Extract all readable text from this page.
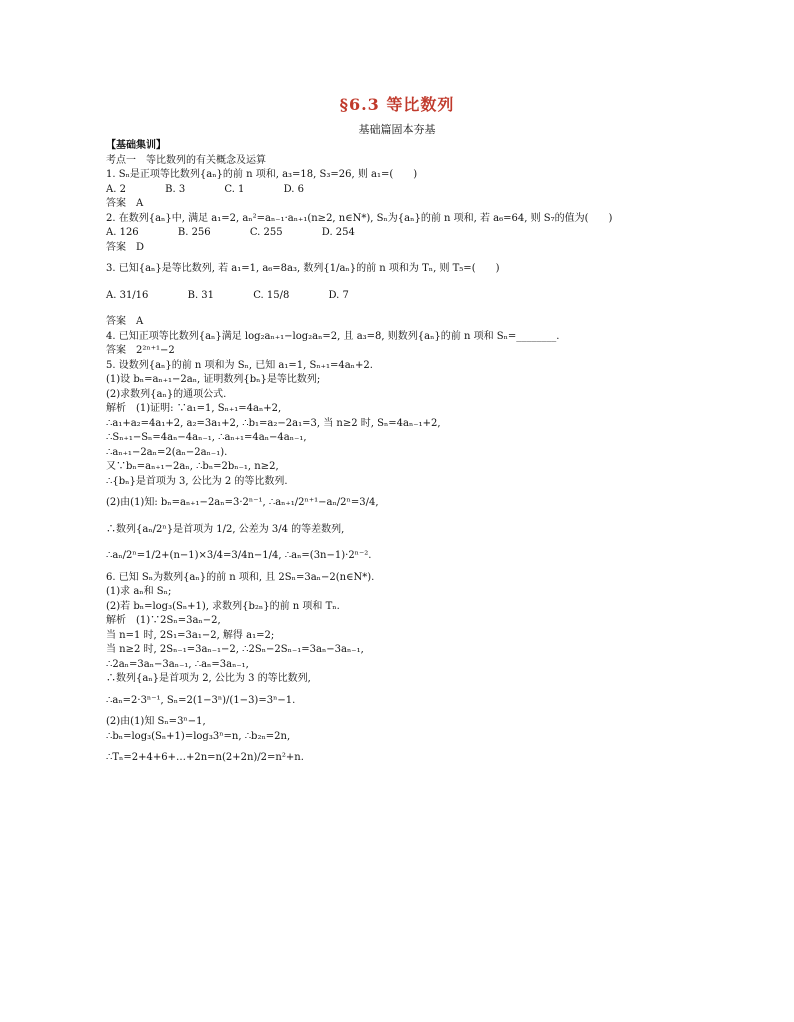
§6.3 等比数列
基础篇固本夯基
【基础集训】
考点一　等比数列的有关概念及运算
1. Sₙ是正项等比数列{aₙ}的前 n 项和, a₃=18, S₃=26, 则 a₁=(　　)
A. 2	B. 3	C. 1	D. 6
答案　A
2. 在数列{aₙ}中, 满足 a₁=2, aₙ²=aₙ₋₁·aₙ₊₁(n≥2, n∈N*), Sₙ为{aₙ}的前 n 项和, 若 a₆=64, 则 S₇的值为(　　)
A. 126	B. 256	C. 255	D. 254
答案　D
3. 已知{aₙ}是等比数列, 若 a₁=1, a₆=8a₃, 数列{1/aₙ}的前 n 项和为 Tₙ, 则 T₅=(　　)
A. 31/16	B. 31	C. 15/8	D. 7
答案　A
4. 已知正项等比数列{aₙ}满足 log₂aₙ₊₁−log₂aₙ=2, 且 a₃=8, 则数列{aₙ}的前 n 项和 Sₙ=________.
答案　2²ⁿ⁺¹−2
5. 设数列{aₙ}的前 n 项和为 Sₙ, 已知 a₁=1, Sₙ₊₁=4aₙ+2.
(1)设 bₙ=aₙ₊₁−2aₙ, 证明数列{bₙ}是等比数列;
(2)求数列{aₙ}的通项公式.
解析　(1)证明: ∵a₁=1, Sₙ₊₁=4aₙ+2,
∴a₁+a₂=4a₁+2, a₂=3a₁+2, ∴b₁=a₂−2a₁=3, 当 n≥2 时, Sₙ=4aₙ₋₁+2,
∴Sₙ₊₁−Sₙ=4aₙ−4aₙ₋₁, ∴aₙ₊₁=4aₙ−4aₙ₋₁,
∴aₙ₊₁−2aₙ=2(aₙ−2aₙ₋₁).
又∵bₙ=aₙ₊₁−2aₙ, ∴bₙ=2bₙ₋₁, n≥2,
∴{bₙ}是首项为 3, 公比为 2 的等比数列.
(2)由(1)知: bₙ=aₙ₊₁−2aₙ=3·2ⁿ⁻¹, ∴aₙ₊₁/2ⁿ⁺¹−aₙ/2ⁿ=3/4,
∴数列{aₙ/2ⁿ}是首项为 1/2, 公差为 3/4 的等差数列,
∴aₙ/2ⁿ=1/2+(n−1)×3/4=3/4n−1/4, ∴aₙ=(3n−1)·2ⁿ⁻².
6. 已知 Sₙ为数列{aₙ}的前 n 项和, 且 2Sₙ=3aₙ−2(n∈N*).
(1)求 aₙ和 Sₙ;
(2)若 bₙ=log₃(Sₙ+1), 求数列{b₂ₙ}的前 n 项和 Tₙ.
解析　(1)∵2Sₙ=3aₙ−2,
当 n=1 时, 2S₁=3a₁−2, 解得 a₁=2;
当 n≥2 时, 2Sₙ₋₁=3aₙ₋₁−2, ∴2Sₙ−2Sₙ₋₁=3aₙ−3aₙ₋₁,
∴2aₙ=3aₙ−3aₙ₋₁, ∴aₙ=3aₙ₋₁,
∴数列{aₙ}是首项为 2, 公比为 3 的等比数列,
∴aₙ=2·3ⁿ⁻¹, Sₙ=2(1−3ⁿ)/(1−3)=3ⁿ−1.
(2)由(1)知 Sₙ=3ⁿ−1,
∴bₙ=log₃(Sₙ+1)=log₃3ⁿ=n, ∴b₂ₙ=2n,
∴Tₙ=2+4+6+…+2n=n(2+2n)/2=n²+n.
